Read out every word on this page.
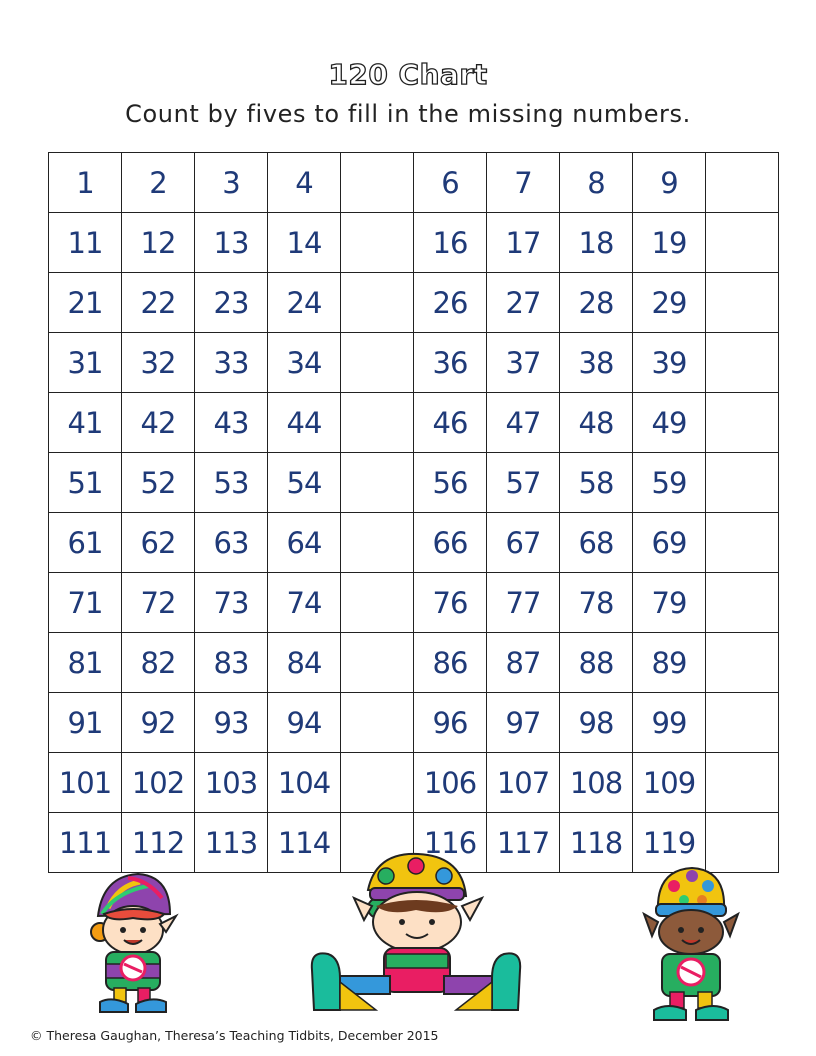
120 Chart
Count by fives to fill in the missing numbers.
1	2	3	4		6	7	8	9	
11	12	13	14		16	17	18	19	
21	22	23	24		26	27	28	29	
31	32	33	34		36	37	38	39	
41	42	43	44		46	47	48	49	
51	52	53	54		56	57	58	59	
61	62	63	64		66	67	68	69	
71	72	73	74		76	77	78	79	
81	82	83	84		86	87	88	89	
91	92	93	94		96	97	98	99	
101	102	103	104		106	107	108	109	
111	112	113	114		116	117	118	119	
© Theresa Gaughan, Theresa’s Teaching Tidbits, December 2015
